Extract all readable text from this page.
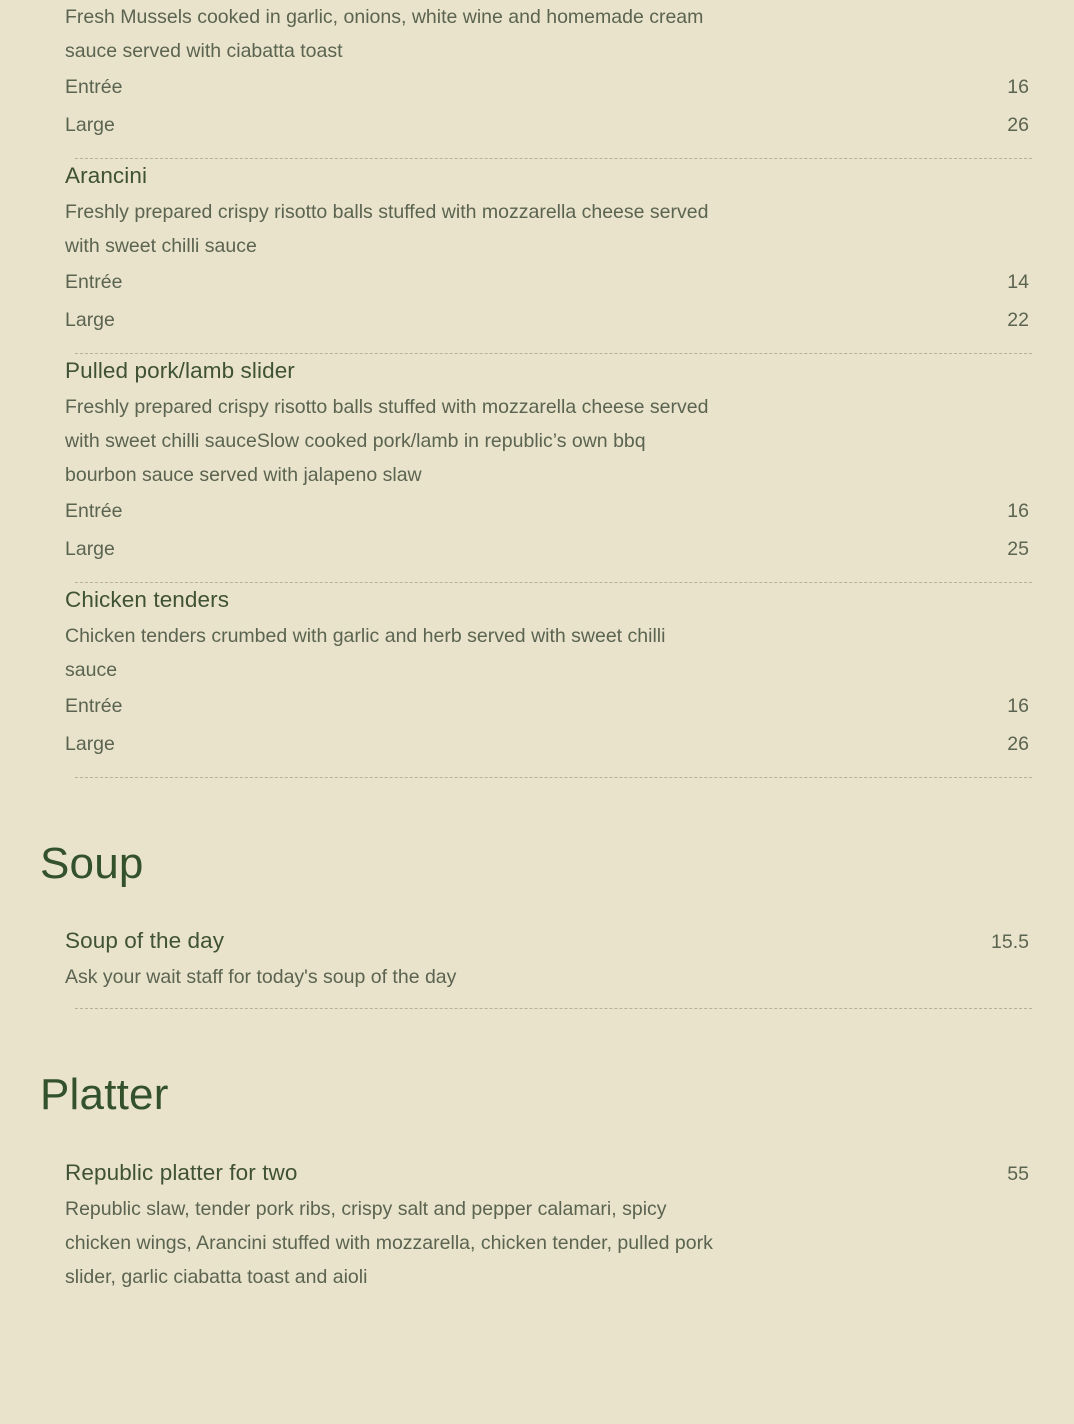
Fresh Mussels cooked in garlic, onions, white wine and homemade cream sauce served with ciabatta toast

Entrée	16
Large	26
Arancini

Freshly prepared crispy risotto balls stuffed with mozzarella cheese served with sweet chilli sauce

Entrée	14
Large	22
Pulled pork/lamb slider

Freshly prepared crispy risotto balls stuffed with mozzarella cheese served with sweet chilli sauceSlow cooked pork/lamb in republic’s own bbq bourbon sauce served with jalapeno slaw

Entrée	16
Large	25
Chicken tenders

Chicken tenders crumbed with garlic and herb served with sweet chilli sauce

Entrée	16
Large	26
Soup
Soup of the day	15.5

Ask your wait staff for today's soup of the day

Platter
Republic platter for two	55

Republic slaw, tender pork ribs, crispy salt and pepper calamari, spicy chicken wings, Arancini stuffed with mozzarella, chicken tender, pulled pork slider, garlic ciabatta toast and aioli
